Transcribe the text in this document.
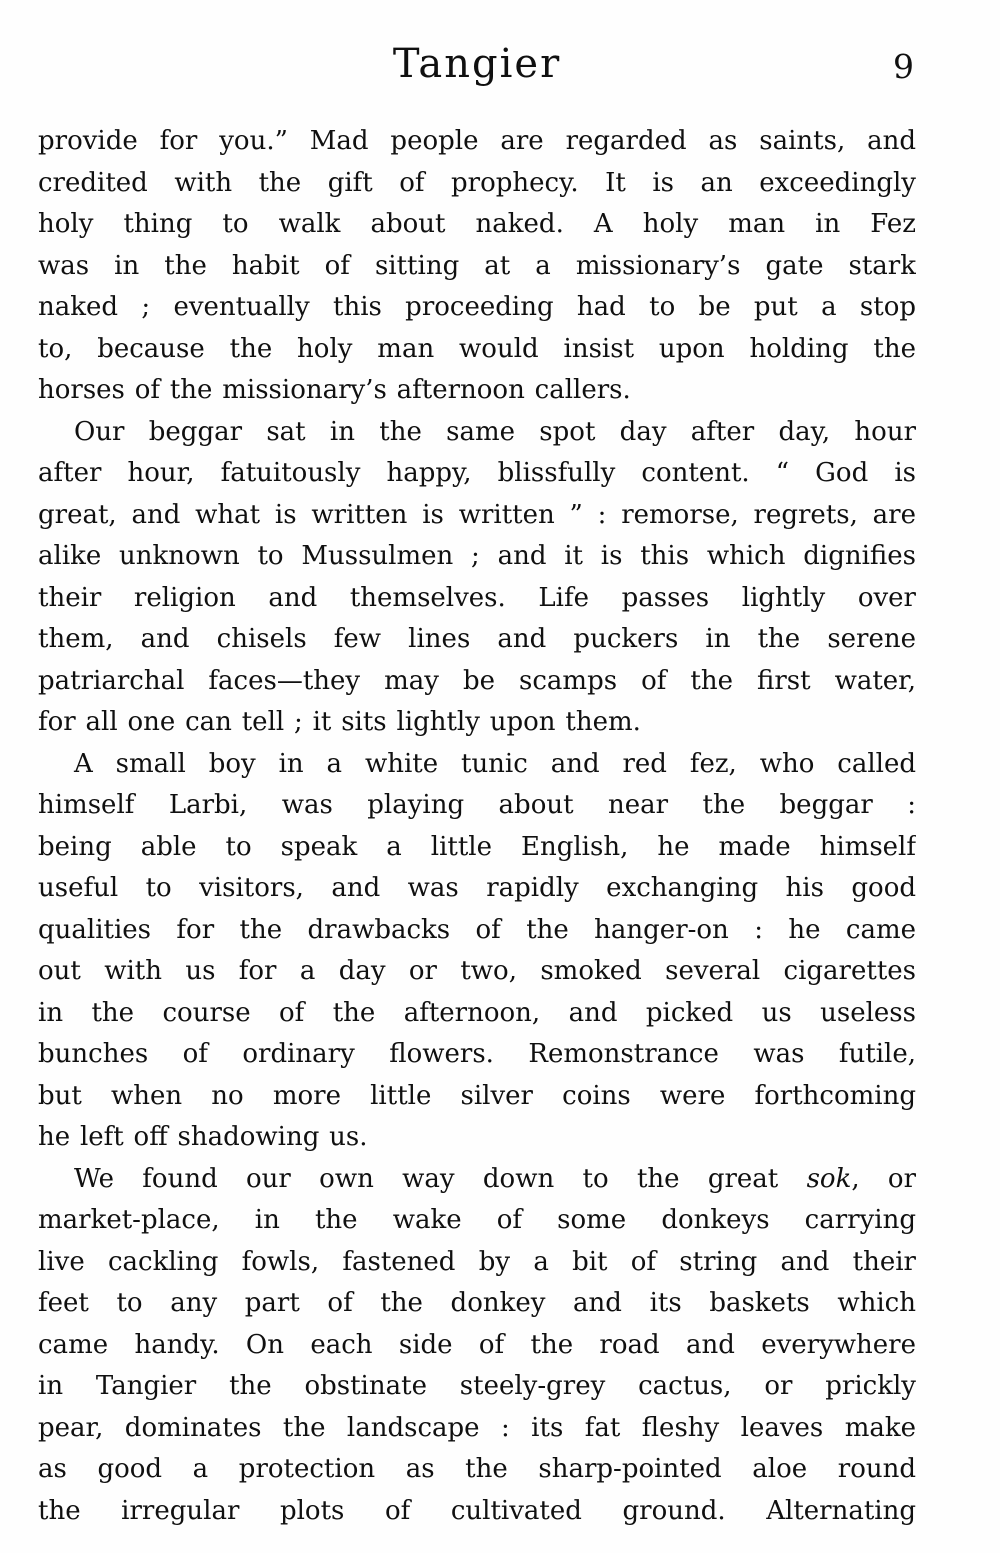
Tangier	9
provide for you.” Mad people are regarded as saints, and
credited with the gift of prophecy. It is an exceedingly
holy thing to walk about naked. A holy man in Fez
was in the habit of sitting at a missionary’s gate stark
naked ; eventually this proceeding had to be put a stop
to, because the holy man would insist upon holding the
horses of the missionary’s afternoon callers.
Our beggar sat in the same spot day after day, hour
after hour, fatuitously happy, blissfully content. “ God is
great, and what is written is written ” : remorse, regrets, are
alike unknown to Mussulmen ; and it is this which dignifies
their religion and themselves. Life passes lightly over
them, and chisels few lines and puckers in the serene
patriarchal faces—they may be scamps of the first water,
for all one can tell ; it sits lightly upon them.
A small boy in a white tunic and red fez, who called
himself Larbi, was playing about near the beggar :
being able to speak a little English, he made himself
useful to visitors, and was rapidly exchanging his good
qualities for the drawbacks of the hanger-on : he came
out with us for a day or two, smoked several cigarettes
in the course of the afternoon, and picked us useless
bunches of ordinary flowers. Remonstrance was futile,
but when no more little silver coins were forthcoming
he left off shadowing us.
We found our own way down to the great sok, or
market-place, in the wake of some donkeys carrying
live cackling fowls, fastened by a bit of string and their
feet to any part of the donkey and its baskets which
came handy. On each side of the road and everywhere
in Tangier the obstinate steely-grey cactus, or prickly
pear, dominates the landscape : its fat fleshy leaves make
as good a protection as the sharp-pointed aloe round
the irregular plots of cultivated ground. Alternating
